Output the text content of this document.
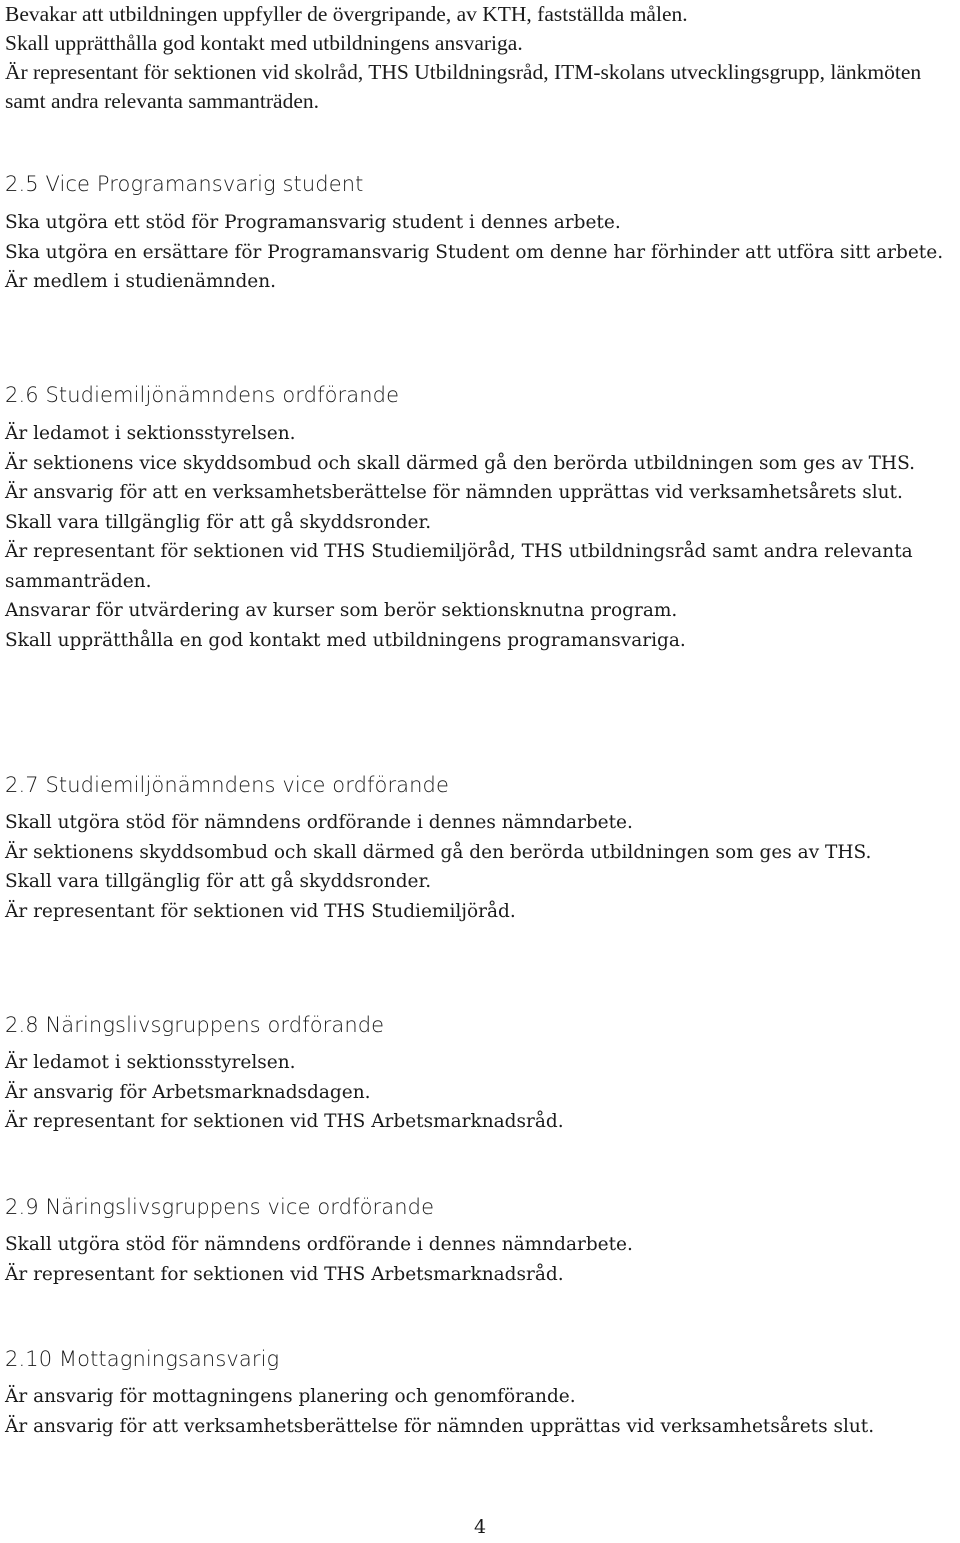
Bevakar att utbildningen uppfyller de övergripande, av KTH, fastställda målen.

Skall upprätthålla god kontakt med utbildningens ansvariga.

Är representant för sektionen vid skolråd, THS Utbildningsråd, ITM-skolans utvecklingsgrupp, länkmöten samt andra relevanta sammanträden.

2.5 Vice Programansvarig student

Ska utgöra ett stöd för Programansvarig student i dennes arbete.

Ska utgöra en ersättare för Programansvarig Student om denne har förhinder att utföra sitt arbete.

Är medlem i studienämnden.

2.6 Studiemiljönämndens ordförande

Är ledamot i sektionsstyrelsen.

Är sektionens vice skyddsombud och skall därmed gå den berörda utbildningen som ges av THS.

Är ansvarig för att en verksamhetsberättelse för nämnden upprättas vid verksamhetsårets slut.

Skall vara tillgänglig för att gå skyddsronder.

Är representant för sektionen vid THS Studiemiljöråd, THS utbildningsråd samt andra relevanta sammanträden.

Ansvarar för utvärdering av kurser som berör sektionsknutna program.

Skall upprätthålla en god kontakt med utbildningens programansvariga.

2.7 Studiemiljönämndens vice ordförande

Skall utgöra stöd för nämndens ordförande i dennes nämndarbete.

Är sektionens skyddsombud och skall därmed gå den berörda utbildningen som ges av THS.

Skall vara tillgänglig för att gå skyddsronder.

Är representant för sektionen vid THS Studiemiljöråd.

2.8 Näringslivsgruppens ordförande

Är ledamot i sektionsstyrelsen.

Är ansvarig för Arbetsmarknadsdagen.

Är representant for sektionen vid THS Arbetsmarknadsråd.

2.9 Näringslivsgruppens vice ordförande

Skall utgöra stöd för nämndens ordförande i dennes nämndarbete.

Är representant for sektionen vid THS Arbetsmarknadsråd.

2.10 Mottagningsansvarig

Är ansvarig för mottagningens planering och genomförande.

Är ansvarig för att verksamhetsberättelse för nämnden upprättas vid verksamhetsårets slut.

4
